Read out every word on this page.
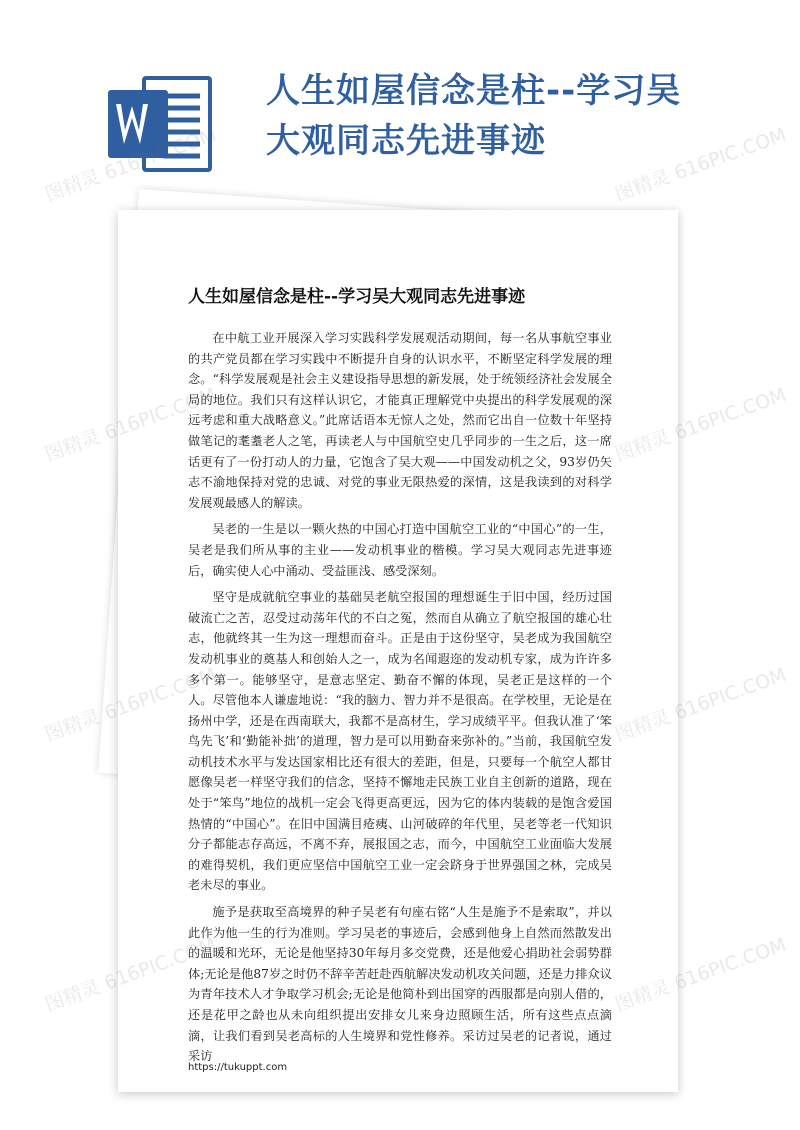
人生如屋信念是柱--学习吴大观同志先进事迹
人生如屋信念是柱--学习吴大观同志先进事迹

在中航工业开展深入学习实践科学发展观活动期间，每一名从事航空事业的共产党员都在学习实践中不断提升自身的认识水平，不断坚定科学发展的理念。“科学发展观是社会主义建设指导思想的新发展，处于统领经济社会发展全局的地位。我们只有这样认识它，才能真正理解党中央提出的科学发展观的深远考虑和重大战略意义。”此席话语本无惊人之处，然而它出自一位数十年坚持做笔记的耄耋老人之笔，再读老人与中国航空史几乎同步的一生之后，这一席话更有了一份打动人的力量，它饱含了吴大观——中国发动机之父，93岁仍矢志不渝地保持对党的忠诚、对党的事业无限热爱的深情，这是我读到的对科学发展观最感人的解读。

吴老的一生是以一颗火热的中国心打造中国航空工业的“中国心”的一生，吴老是我们所从事的主业——发动机事业的楷模。学习吴大观同志先进事迹后，确实使人心中涌动、受益匪浅、感受深刻。

坚守是成就航空事业的基础吴老航空报国的理想诞生于旧中国，经历过国破流亡之苦，忍受过动荡年代的不白之冤，然而自从确立了航空报国的雄心壮志，他就终其一生为这一理想而奋斗。正是由于这份坚守，吴老成为我国航空发动机事业的奠基人和创始人之一，成为名闻遐迩的发动机专家，成为许许多多个第一。能够坚守，是意志坚定、勤奋不懈的体现，吴老正是这样的一个人。尽管他本人谦虚地说：“我的脑力、智力并不是很高。在学校里，无论是在扬州中学，还是在西南联大，我都不是高材生，学习成绩平平。但我认准了‘笨鸟先飞’和‘勤能补拙’的道理，智力是可以用勤奋来弥补的。”当前，我国航空发动机技术水平与发达国家相比还有很大的差距，但是，只要每一个航空人都甘愿像吴老一样坚守我们的信念，坚持不懈地走民族工业自主创新的道路，现在处于“笨鸟”地位的战机一定会飞得更高更远，因为它的体内装载的是饱含爱国热情的“中国心”。在旧中国满目疮痍、山河破碎的年代里，吴老等老一代知识分子都能志存高远，不离不弃，展报国之志，而今，中国航空工业面临大发展的难得契机，我们更应坚信中国航空工业一定会跻身于世界强国之林，完成吴老未尽的事业。

施予是获取至高境界的种子吴老有句座右铭“人生是施予不是索取”，并以此作为他一生的行为准则。学习吴老的事迹后，会感到他身上自然而然散发出的温暖和光环，无论是他坚持30年每月多交党费，还是他爱心捐助社会弱势群体;无论是他87岁之时仍不辞辛苦赶赴西航解决发动机攻关问题，还是力排众议为青年技术人才争取学习机会;无论是他简朴到出国穿的西服都是向别人借的，还是花甲之龄也从未向组织提出安排女儿来身边照顾生活，所有这些点点滴滴，让我们看到吴老高标的人生境界和党性修养。采访过吴老的记者说，通过采访

https://tukuppt.com
图精灵 616PIC.COM	图精灵 616PIC.COM
图精灵	图精灵 616PIC.COM
图精灵	图精灵 616PIC.COM
图精灵	图精灵 616PIC.COM
